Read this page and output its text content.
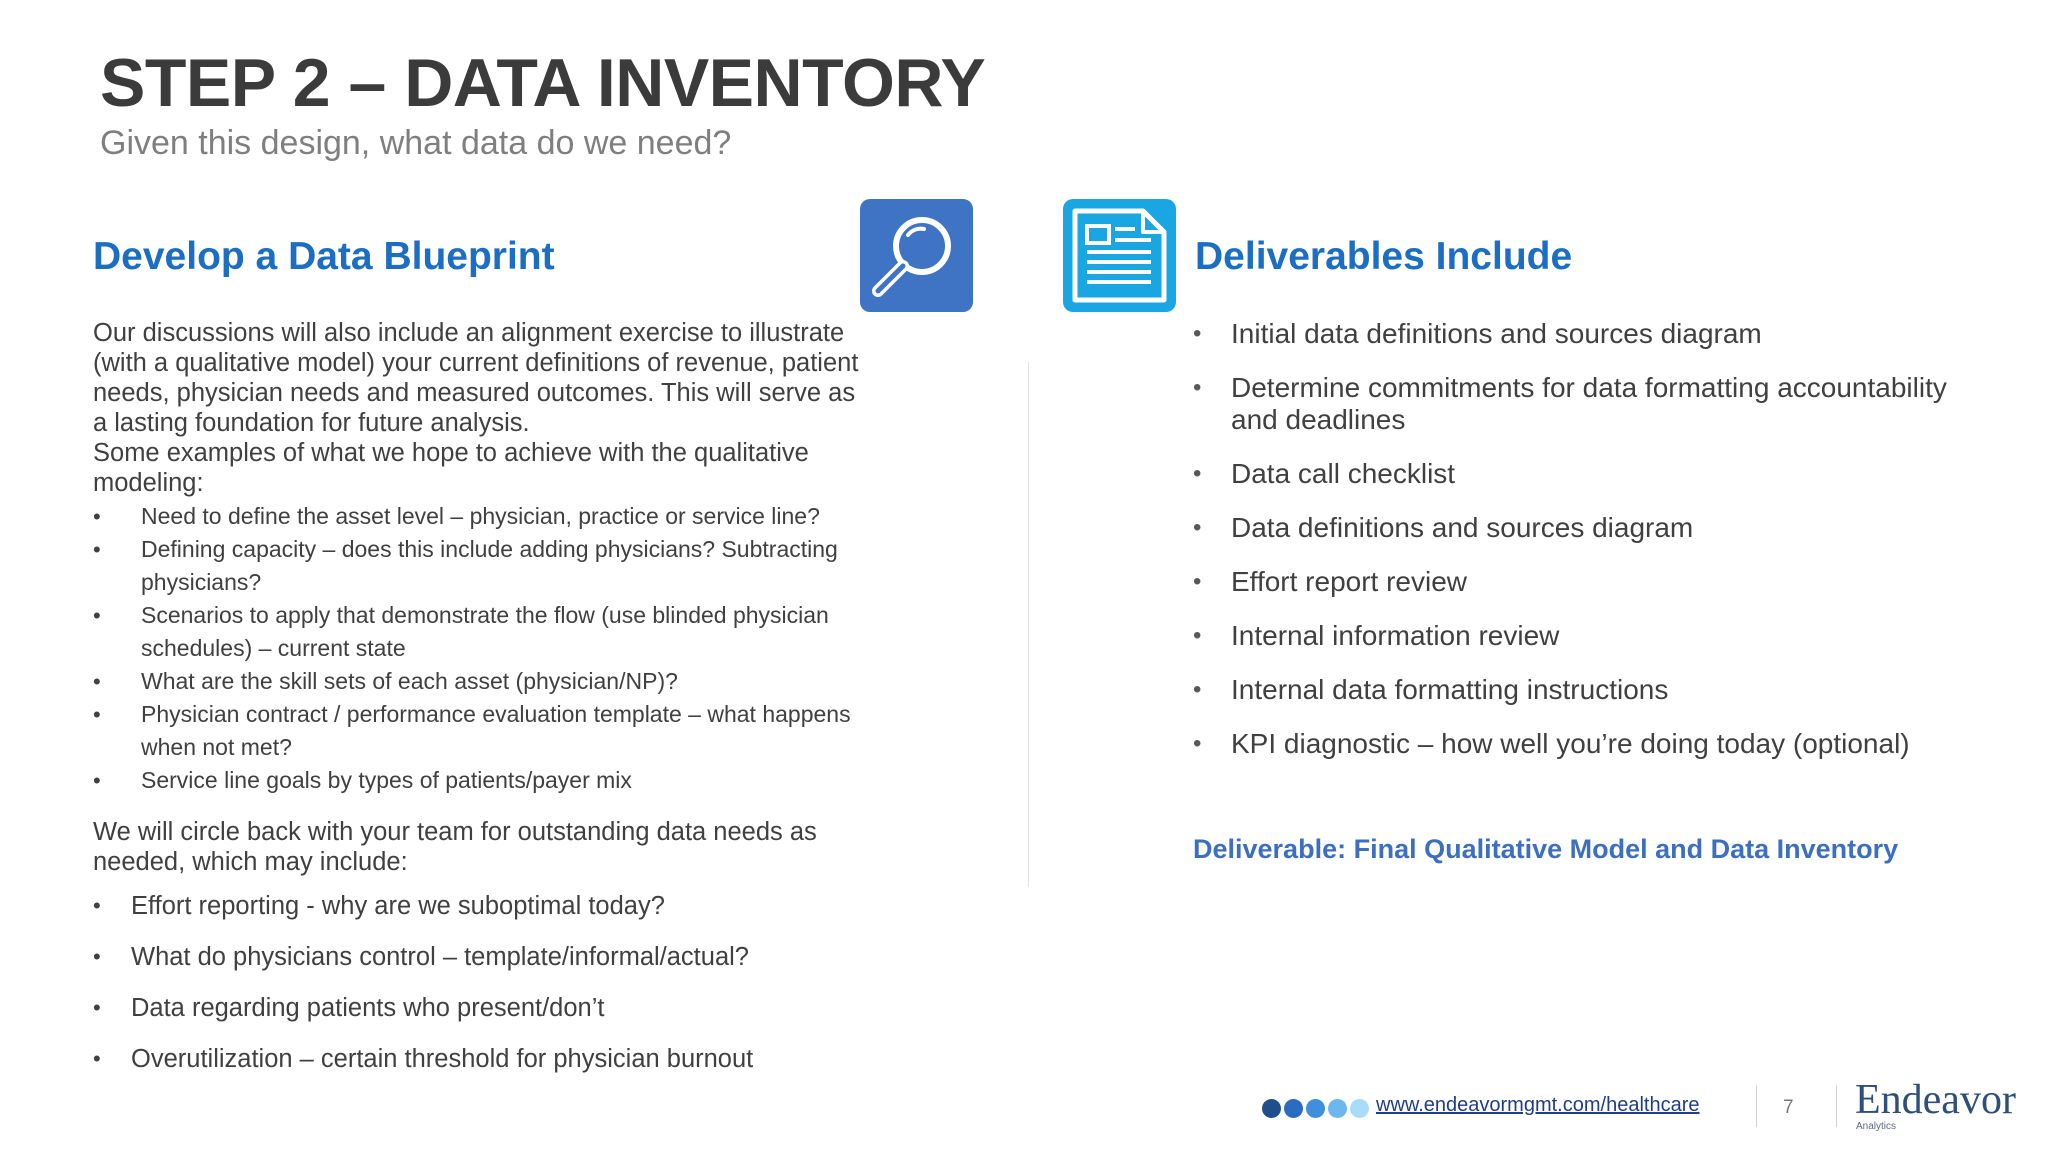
STEP 2 – DATA INVENTORY
Given this design, what data do we need?
Develop a Data Blueprint	Deliverables Include

Our discussions will also include an alignment exercise to illustrate (with a qualitative model) your current definitions of revenue, patient needs, physician needs and measured outcomes. This will serve as a lasting foundation for future analysis.

Some examples of what we hope to achieve with the qualitative modeling:

• Need to define the asset level – physician, practice or service line?
• Defining capacity – does this include adding physicians? Subtracting physicians?
• Scenarios to apply that demonstrate the flow (use blinded physician schedules) – current state
• What are the skill sets of each asset (physician/NP)?
• Physician contract / performance evaluation template – what happens when not met?
• Service line goals by types of patients/payer mix

We will circle back with your team for outstanding data needs as needed, which may include:

• Effort reporting - why are we suboptimal today?
• What do physicians control – template/informal/actual?
• Data regarding patients who present/don’t
• Overutilization – certain threshold for physician burnout
• Initial data definitions and sources diagram
• Determine commitments for data formatting accountability and deadlines
• Data call checklist
• Data definitions and sources diagram
• Effort report review
• Internal information review
• Internal data formatting instructions
• KPI diagnostic – how well you’re doing today (optional)
Deliverable: Final Qualitative Model and Data Inventory
www.endeavormgmt.com/healthcare	7 Endeavor
Analytics
